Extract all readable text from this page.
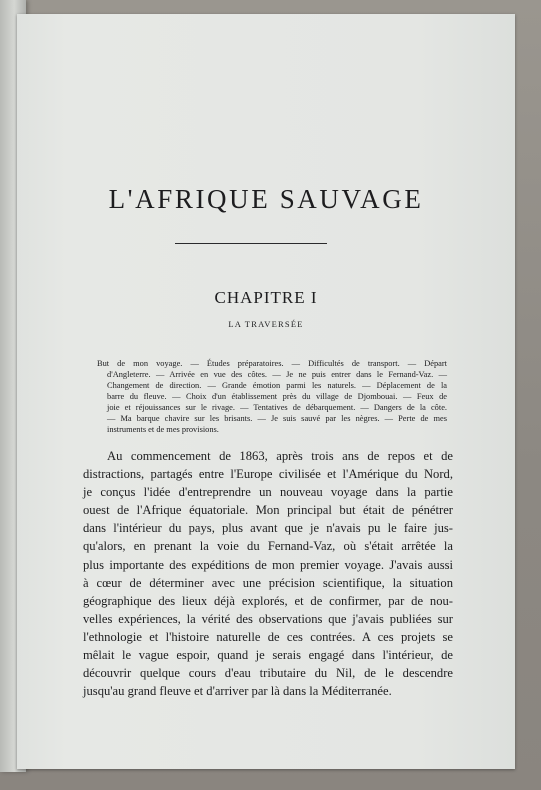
L'AFRIQUE SAUVAGE
CHAPITRE I
LA TRAVERSÉE
But de mon voyage. — Études préparatoires. — Difficultés de transport. — Départ
d'Angleterre. — Arrivée en vue des côtes. — Je ne puis entrer dans le Fernand-Vaz. —
Changement de direction. — Grande émotion parmi les naturels. — Déplacement de la
barre du fleuve. — Choix d'un établissement près du village de Djombouai. — Feux de
joie et réjouissances sur le rivage. — Tentatives de débarquement. — Dangers de la côte.
— Ma barque chavire sur les brisants. — Je suis sauvé par les nègres. — Perte de mes
instruments et de mes provisions.
Au commencement de 1863, après trois ans de repos et de
distractions, partagés entre l'Europe civilisée et l'Amérique du Nord,
je conçus l'idée d'entreprendre un nouveau voyage dans la partie
ouest de l'Afrique équatoriale. Mon principal but était de pénétrer
dans l'intérieur du pays, plus avant que je n'avais pu le faire jus-
qu'alors, en prenant la voie du Fernand-Vaz, où s'était arrêtée la
plus importante des expéditions de mon premier voyage. J'avais aussi
à cœur de déterminer avec une précision scientifique, la situation
géographique des lieux déjà explorés, et de confirmer, par de nou-
velles expériences, la vérité des observations que j'avais publiées sur
l'ethnologie et l'histoire naturelle de ces contrées. A ces projets se
mêlait le vague espoir, quand je serais engagé dans l'intérieur, de
découvrir quelque cours d'eau tributaire du Nil, de le descendre
jusqu'au grand fleuve et d'arriver par là dans la Méditerranée.
